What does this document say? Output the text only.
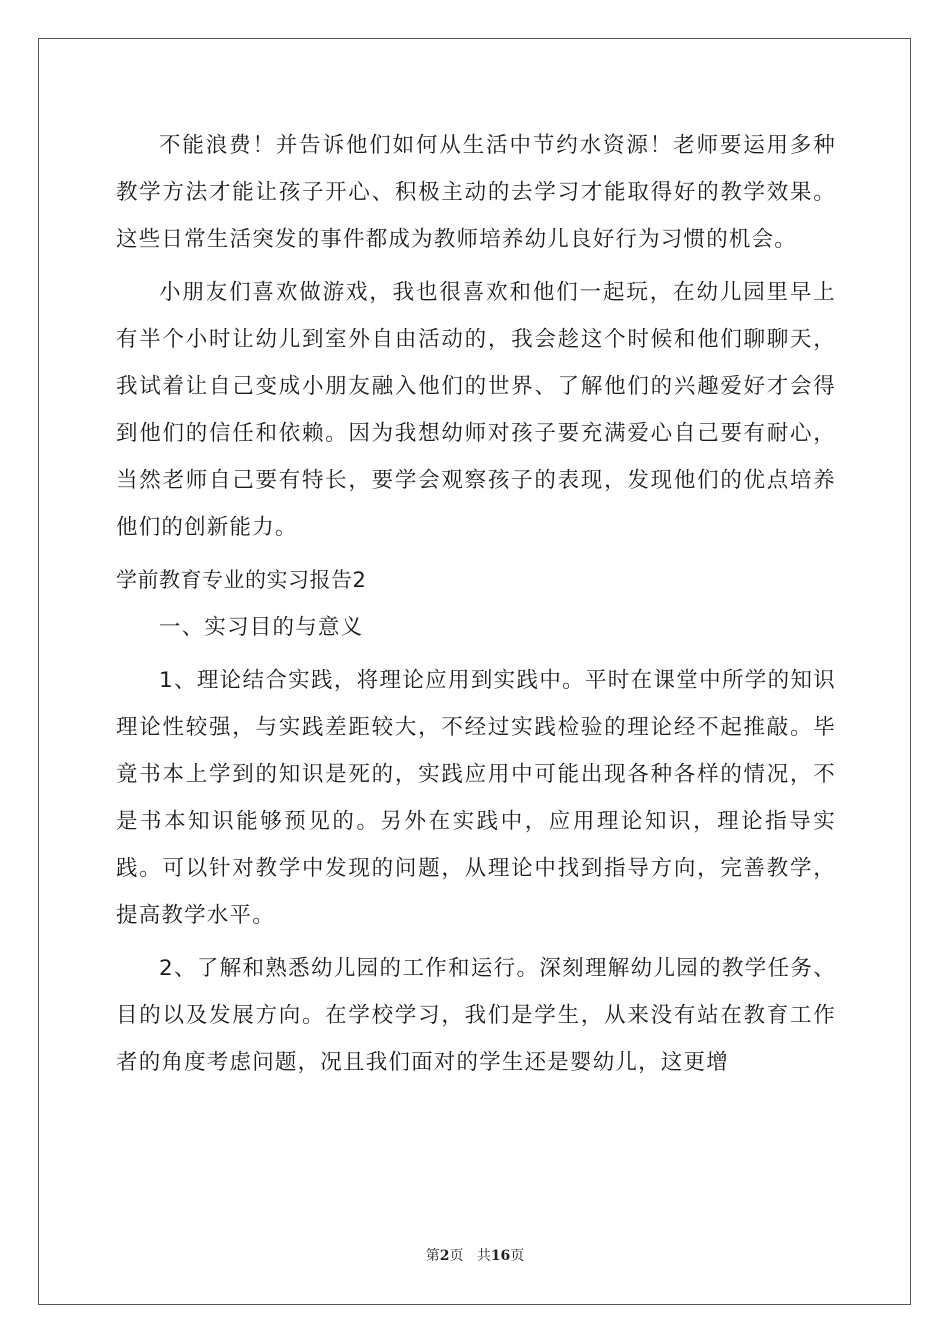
不能浪费！并告诉他们如何从生活中节约水资源！老师要运用多种教学方法才能让孩子开心、积极主动的去学习才能取得好的教学效果。这些日常生活突发的事件都成为教师培养幼儿良好行为习惯的机会。

小朋友们喜欢做游戏，我也很喜欢和他们一起玩，在幼儿园里早上有半个小时让幼儿到室外自由活动的，我会趁这个时候和他们聊聊天，我试着让自己变成小朋友融入他们的世界、了解他们的兴趣爱好才会得到他们的信任和依赖。因为我想幼师对孩子要充满爱心自己要有耐心，当然老师自己要有特长，要学会观察孩子的表现，发现他们的优点培养他们的创新能力。

学前教育专业的实习报告2

一、实习目的与意义

1、理论结合实践，将理论应用到实践中。平时在课堂中所学的知识理论性较强，与实践差距较大，不经过实践检验的理论经不起推敲。毕竟书本上学到的知识是死的，实践应用中可能出现各种各样的情况，不是书本知识能够预见的。另外在实践中，应用理论知识，理论指导实践。可以针对教学中发现的问题，从理论中找到指导方向，完善教学，提高教学水平。

2、了解和熟悉幼儿园的工作和运行。深刻理解幼儿园的教学任务、目的以及发展方向。在学校学习，我们是学生，从来没有站在教育工作者的角度考虑问题，况且我们面对的学生还是婴幼儿，这更增

第2页 共16页
